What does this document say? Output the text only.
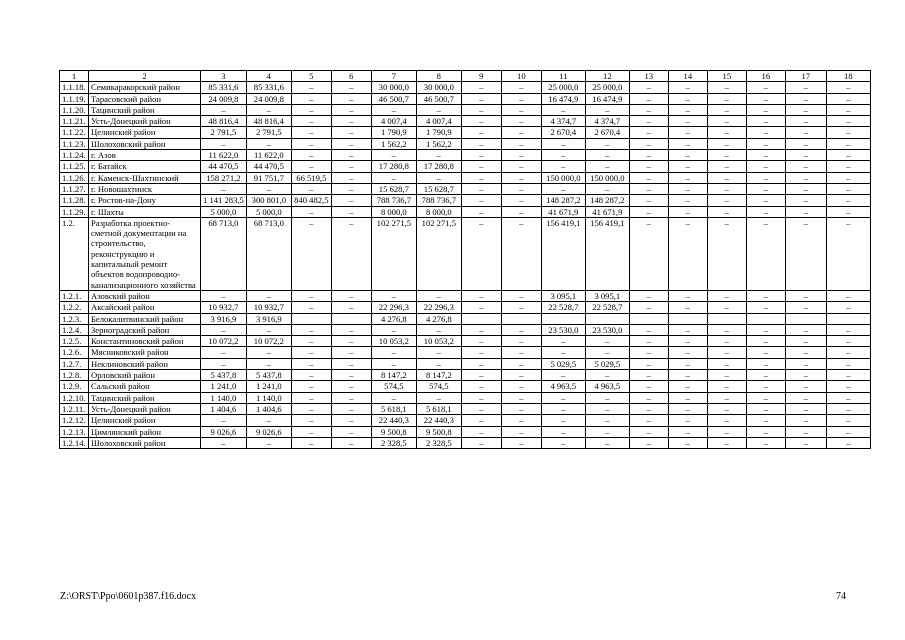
1	2	3	4	5	6	7	8	9	10	11	12	13	14	15	16	17	18
1.1.18.	Семикаракорский район	85 331,6	85 331,6	–	–	30 000,0	30 000,0	–	–	25 000,0	25 000,0	–	–	–	–	–	–
1.1.19.	Тарасовский район	24 009,8	24 009,8	–	–	46 500,7	46 500,7	–	–	16 474,9	16 474,9	–	–	–	–	–	–
1.1.20.	Тацинский район	–	–	–	–	–	–	–	–	–	–	–	–	–	–	–	–
1.1.21.	Усть-Донецкий район	48 816,4	48 816,4	–	–	4 007,4	4 007,4	–	–	4 374,7	4 374,7	–	–	–	–	–	–
1.1.22.	Целинский район	2 791,5	2 791,5	–	–	1 790,9	1 790,9	–	–	2 670,4	2 670,4	–	–	–	–	–	–
1.1.23.	Шолоховский район	–	–	–	–	1 562,2	1 562,2	–	–	–	–	–	–	–	–	–	–
1.1.24.	г. Азов	11 622,0	11 622,0	–	–	–	–	–	–	–	–	–	–	–	–	–	–
1.1.25.	г. Батайск	44 470,5	44 470,5	–	–	17 280,8	17 280,8	–	–	–	–	–	–	–	–	–	–
1.1.26.	г. Каменск-Шахтинский	158 271,2	91 751,7	66 519,5	–	–	–	–	–	150 000,0	150 000,0	–	–	–	–	–	–
1.1.27.	г. Новошахтинск	–	–	–	–	15 628,7	15 628,7	–	–	–	–	–	–	–	–	–	–
1.1.28.	г. Ростов-на-Дону	1 141 283,5	300 801,0	840 482,5	–	788 736,7	788 736,7	–	–	148 287,2	148 287,2	–	–	–	–	–	–
1.1.29.	г. Шахты	5 000,0	5 000,0	–	–	8 000,0	8 000,0	–	–	41 671,9	41 671,9	–	–	–	–	–	–
1.2.	Разработка проектно-сметной документации на строительство, реконструкцию и капитальный ремонт объектов водопроводно-канализационного хозяйства	68 713,0	68 713,0	–	–	102 271,5	102 271,5	–	–	156 419,1	156 419,1	–	–	–	–	–	–
1.2.1.	Азовский район	–	–	–	–	–	–	–	–	3 095,1	3 095,1	–	–	–	–	–	–
1.2.2.	Аксайский район	10 932,7	10 932,7	–	–	22 296,3	22 296,3	–	–	22 528,7	22 528,7	–	–	–	–	–	–
1.2.3.	Белокалитвинский район	3 916,9	3 916,9			4 276,8	4 276,8										
1.2.4.	Зерноградский район	–	–	–	–	–	–	–	–	23 530,0	23 530,0	–	–	–	–	–	–
1.2.5.	Константиновский район	10 072,2	10 072,2	–	–	10 053,2	10 053,2	–	–	–	–	–	–	–	–	–	–
1.2.6.	Мясниковский район	–	–	–	–	–	–	–	–	–	–	–	–	–	–	–	–
1.2.7.	Неклиновский район	–	–	–	–	–	–	–	–	5 029,5	5 029,5	–	–	–	–	–	–
1.2.8.	Орловский район	5 437,8	5 437,8	–	–	8 147,2	8 147,2	–	–	–	–	–	–	–	–	–	–
1.2.9.	Сальский район	1 241,0	1 241,0	–	–	574,5	574,5	–	–	4 963,5	4 963,5	–	–	–	–	–	–
1.2.10.	Тацинский район	1 140,0	1 140,0	–	–	–	–	–	–	–	–	–	–	–	–	–	–
1.2.11.	Усть-Донецкий район	1 404,6	1 404,6	–	–	5 618,1	5 618,1	–	–	–	–	–	–	–	–	–	–
1.2.12.	Целинский район	–	–	–	–	22 440,3	22 440,3	–	–	–	–	–	–	–	–	–	–
1.2.13.	Цимлянский район	9 026,6	9 026,6	–	–	9 500,8	9 500,8	–	–	–	–	–	–	–	–	–	–
1.2.14.	Шолоховский район	–	–	–	–	2 328,5	2 328,5	–	–	–	–	–	–	–	–	–	–
Z:\ORST\Ppo\0601p387.f16.docx	74
